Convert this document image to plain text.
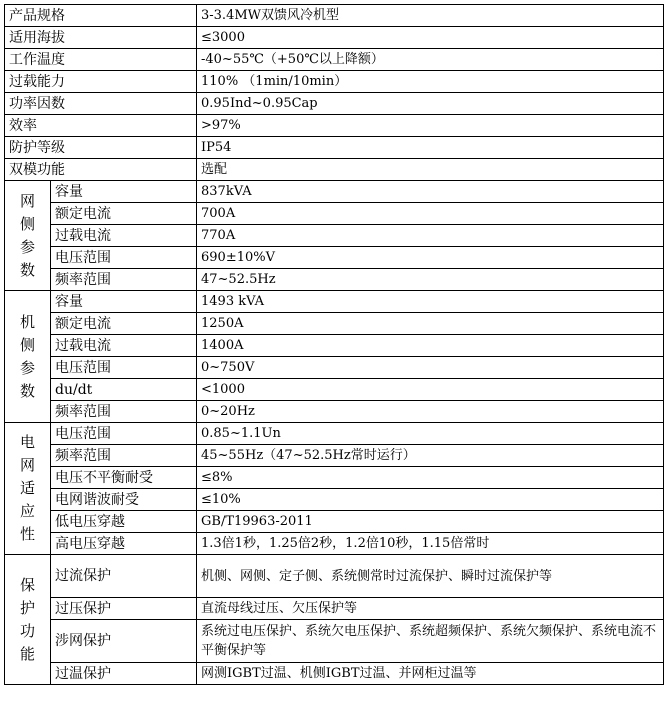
产品规格		3-3.4MW双馈风冷机型
适用海拔		≤3000
工作温度		-40~55℃（+50℃以上降额）
过载能力		110% （1min/10min）
功率因数		0.95Ind~0.95Cap
效率		>97%
防护等级		IP54
双模功能		选配
网
侧
参
数	容量	837kVA
	额定电流	700A
	过载电流	770A
	电压范围	690±10%V
	频率范围	47~52.5Hz
机
侧
参
数	容量	1493 kVA
	额定电流	1250A
	过载电流	1400A
	电压范围	0~750V
	du/dt	<1000
	频率范围	0~20Hz
电
网
适
应
性	电压范围	0.85~1.1Un
	频率范围	45~55Hz（47~52.5Hz常时运行）
	电压不平衡耐受	≤8%
	电网谐波耐受	≤10%
	低电压穿越	GB/T19963-2011
	高电压穿越	1.3倍1秒，1.25倍2秒，1.2倍10秒，1.15倍常时
保
护
功
能	过流保护	机侧、网侧、定子侧、系统侧常时过流保护、瞬时过流保护等
	过压保护	直流母线过压、欠压保护等
	涉网保护	系统过电压保护、系统欠电压保护、系统超频保护、系统欠频保护、系统电流不平衡保护等
	过温保护	网测IGBT过温、机侧IGBT过温、并网柜过温等
